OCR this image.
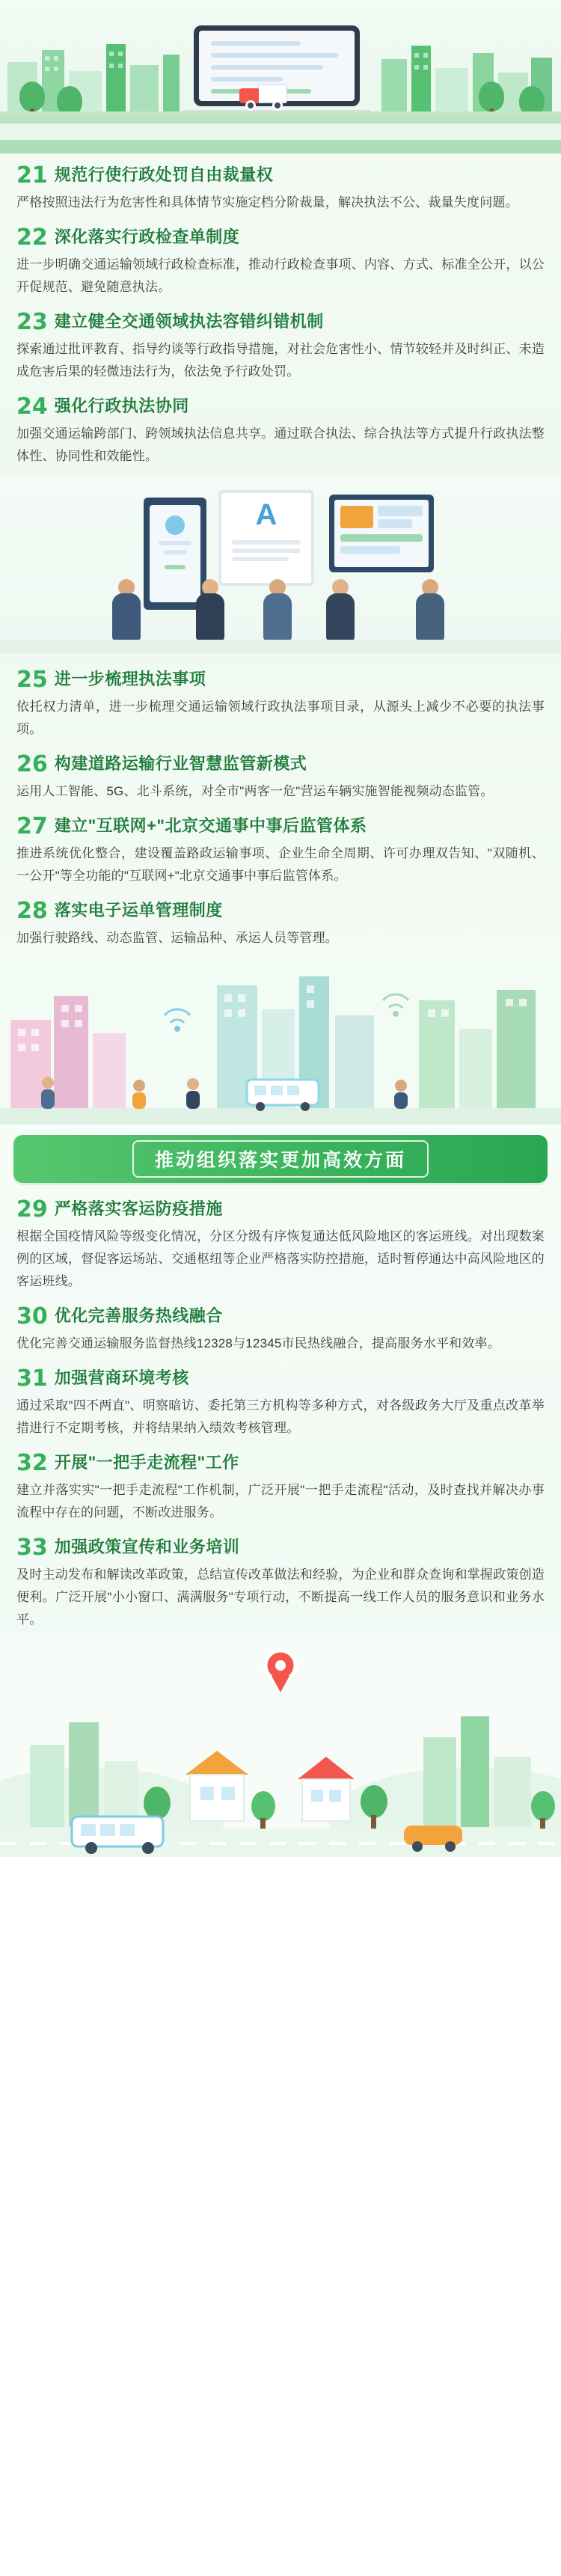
21 规范行使行政处罚自由裁量权
严格按照违法行为危害性和具体情节实施定档分阶裁量，解决执法不公、裁量失度问题。
22 深化落实行政检查单制度
进一步明确交通运输领域行政检查标准，推动行政检查事项、内容、方式、标准全公开，以公开促规范、避免随意执法。
23 建立健全交通领域执法容错纠错机制
探索通过批评教育、指导约谈等行政指导措施，对社会危害性小、情节较轻并及时纠正、未造成危害后果的轻微违法行为，依法免予行政处罚。
24 强化行政执法协同
加强交通运输跨部门、跨领域执法信息共享。通过联合执法、综合执法等方式提升行政执法整体性、协同性和效能性。
A
25 进一步梳理执法事项
依托权力清单，进一步梳理交通运输领域行政执法事项目录，从源头上减少不必要的执法事项。
26 构建道路运输行业智慧监管新模式
运用人工智能、5G、北斗系统，对全市"两客一危"营运车辆实施智能视频动态监管。
27 建立"互联网+"北京交通事中事后监管体系
推进系统优化整合，建设覆盖路政运输事项、企业生命全周期、许可办理双告知、"双随机、一公开"等全功能的"互联网+"北京交通事中事后监管体系。
28 落实电子运单管理制度
加强行驶路线、动态监管、运输品种、承运人员等管理。
推动组织落实更加高效方面
29 严格落实客运防疫措施
根据全国疫情风险等级变化情况，分区分级有序恢复通达低风险地区的客运班线。对出现数案例的区域，督促客运场站、交通枢纽等企业严格落实防控措施，适时暂停通达中高风险地区的客运班线。
30 优化完善服务热线融合
优化完善交通运输服务监督热线12328与12345市民热线融合，提高服务水平和效率。
31 加强营商环境考核
通过采取"四不两直"、明察暗访、委托第三方机构等多种方式，对各级政务大厅及重点改革举措进行不定期考核，并将结果纳入绩效考核管理。
32 开展"一把手走流程"工作
建立并落实实"一把手走流程"工作机制，广泛开展"一把手走流程"活动，及时查找并解决办事流程中存在的问题，不断改进服务。
33 加强政策宣传和业务培训
及时主动发布和解读改革政策，总结宣传改革做法和经验，为企业和群众查询和掌握政策创造便利。广泛开展"小小窗口、满满服务"专项行动，不断提高一线工作人员的服务意识和业务水平。
